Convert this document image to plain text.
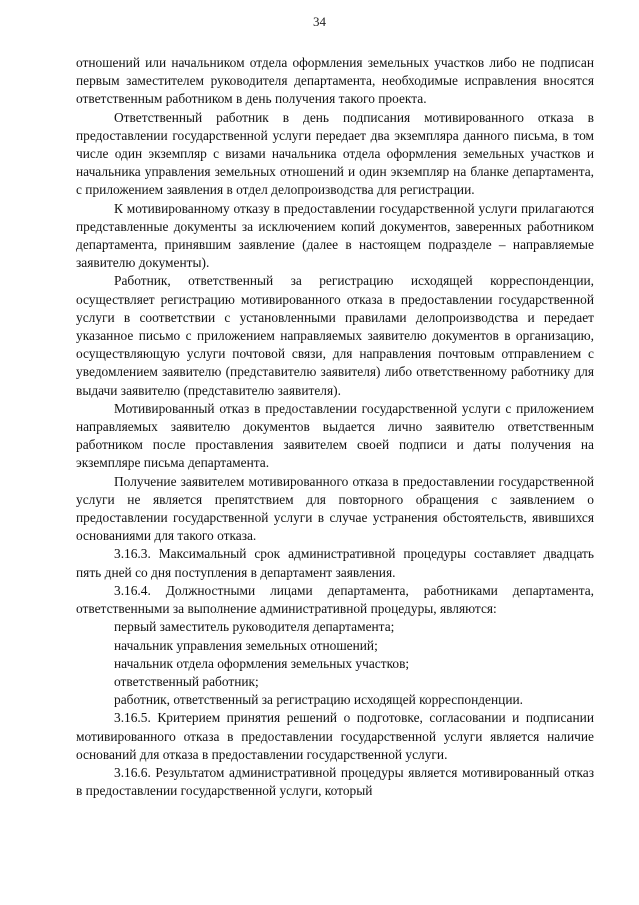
34

отношений или начальником отдела оформления земельных участков либо не подписан первым заместителем руководителя департамента, необходимые исправления вносятся ответственным работником в день получения такого проекта.

Ответственный работник в день подписания мотивированного отказа в предоставлении государственной услуги передает два экземпляра данного письма, в том числе один экземпляр с визами начальника отдела оформления земельных участков и начальника управления земельных отношений и один экземпляр на бланке департамента, с приложением заявления в отдел делопроизводства для регистрации.

К мотивированному отказу в предоставлении государственной услуги прилагаются представленные документы за исключением копий документов, заверенных работником департамента, принявшим заявление (далее в настоящем подразделе – направляемые заявителю документы).

Работник, ответственный за регистрацию исходящей корреспонденции, осуществляет регистрацию мотивированного отказа в предоставлении государственной услуги в соответствии с установленными правилами делопроизводства и передает указанное письмо с приложением направляемых заявителю документов в организацию, осуществляющую услуги почтовой связи, для направления почтовым отправлением с уведомлением заявителю (представителю заявителя) либо ответственному работнику для выдачи заявителю (представителю заявителя).

Мотивированный отказ в предоставлении государственной услуги с приложением направляемых заявителю документов выдается лично заявителю ответственным работником после проставления заявителем своей подписи и даты получения на экземпляре письма департамента.

Получение заявителем мотивированного отказа в предоставлении государственной услуги не является препятствием для повторного обращения с заявлением о предоставлении государственной услуги в случае устранения обстоятельств, явившихся основаниями для такого отказа.

3.16.3. Максимальный срок административной процедуры составляет двадцать пять дней со дня поступления в департамент заявления.

3.16.4. Должностными лицами департамента, работниками департамента, ответственными за выполнение административной процедуры, являются:

первый заместитель руководителя департамента;

начальник управления земельных отношений;

начальник отдела оформления земельных участков;

ответственный работник;

работник, ответственный за регистрацию исходящей корреспонденции.

3.16.5. Критерием принятия решений о подготовке, согласовании и подписании мотивированного отказа в предоставлении государственной услуги является наличие оснований для отказа в предоставлении государственной услуги.

3.16.6. Результатом административной процедуры является мотивированный отказ в предоставлении государственной услуги, который
